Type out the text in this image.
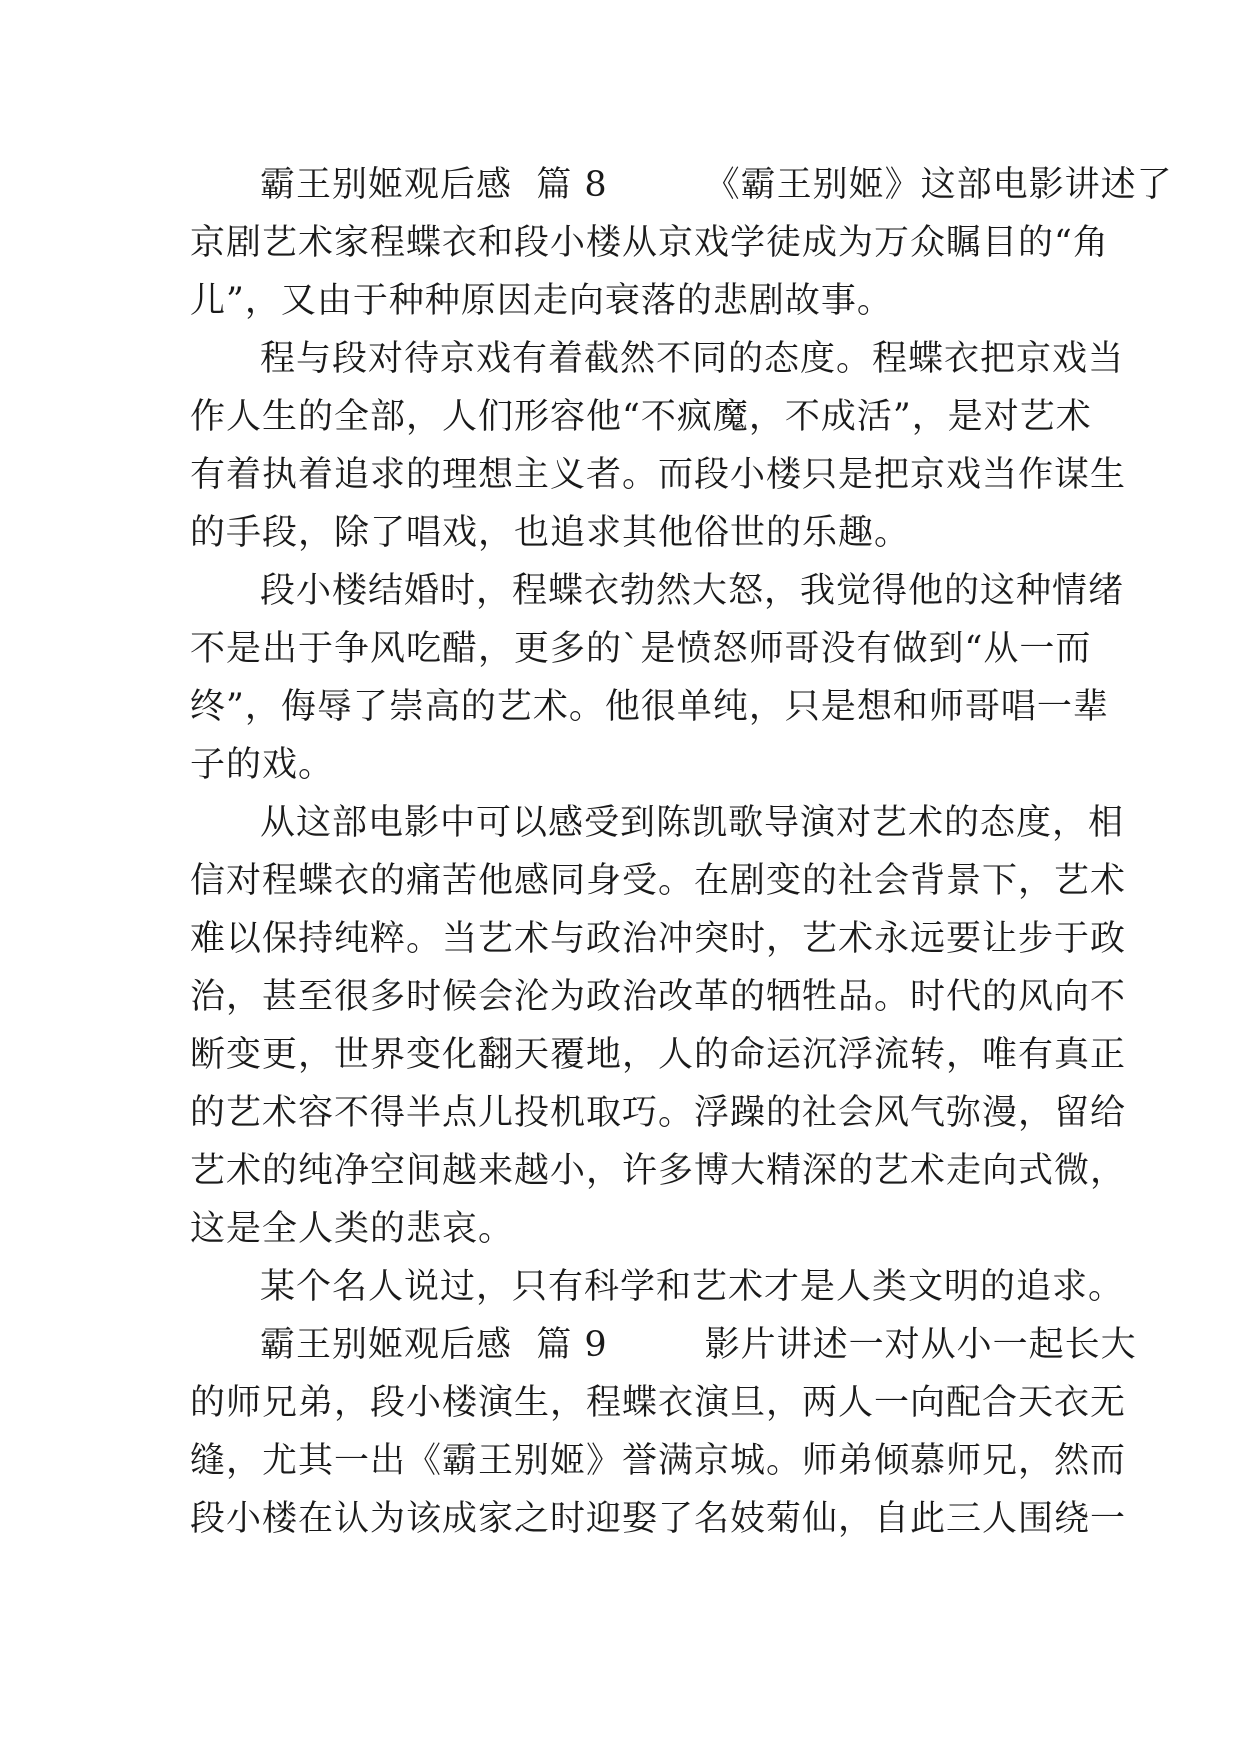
霸王别姬观后感  篇 8        《霸王别姬》这部电影讲述了
京剧艺术家程蝶衣和段小楼从京戏学徒成为万众瞩目的“角
儿”，又由于种种原因走向衰落的悲剧故事。
程与段对待京戏有着截然不同的态度。程蝶衣把京戏当
作人生的全部，人们形容他“不疯魔，不成活”，是对艺术
有着执着追求的理想主义者。而段小楼只是把京戏当作谋生
的手段，除了唱戏，也追求其他俗世的乐趣。
段小楼结婚时，程蝶衣勃然大怒，我觉得他的这种情绪
不是出于争风吃醋，更多的`是愤怒师哥没有做到“从一而
终”，侮辱了崇高的艺术。他很单纯，只是想和师哥唱一辈
子的戏。
从这部电影中可以感受到陈凯歌导演对艺术的态度，相
信对程蝶衣的痛苦他感同身受。在剧变的社会背景下，艺术
难以保持纯粹。当艺术与政治冲突时，艺术永远要让步于政
治，甚至很多时候会沦为政治改革的牺牲品。时代的风向不
断变更，世界变化翻天覆地，人的命运沉浮流转，唯有真正
的艺术容不得半点儿投机取巧。浮躁的社会风气弥漫，留给
艺术的纯净空间越来越小，许多博大精深的艺术走向式微，
这是全人类的悲哀。
某个名人说过，只有科学和艺术才是人类文明的追求。
霸王别姬观后感  篇 9        影片讲述一对从小一起长大
的师兄弟，段小楼演生，程蝶衣演旦，两人一向配合天衣无
缝，尤其一出《霸王别姬》誉满京城。师弟倾慕师兄，然而
段小楼在认为该成家之时迎娶了名妓菊仙，自此三人围绕一
